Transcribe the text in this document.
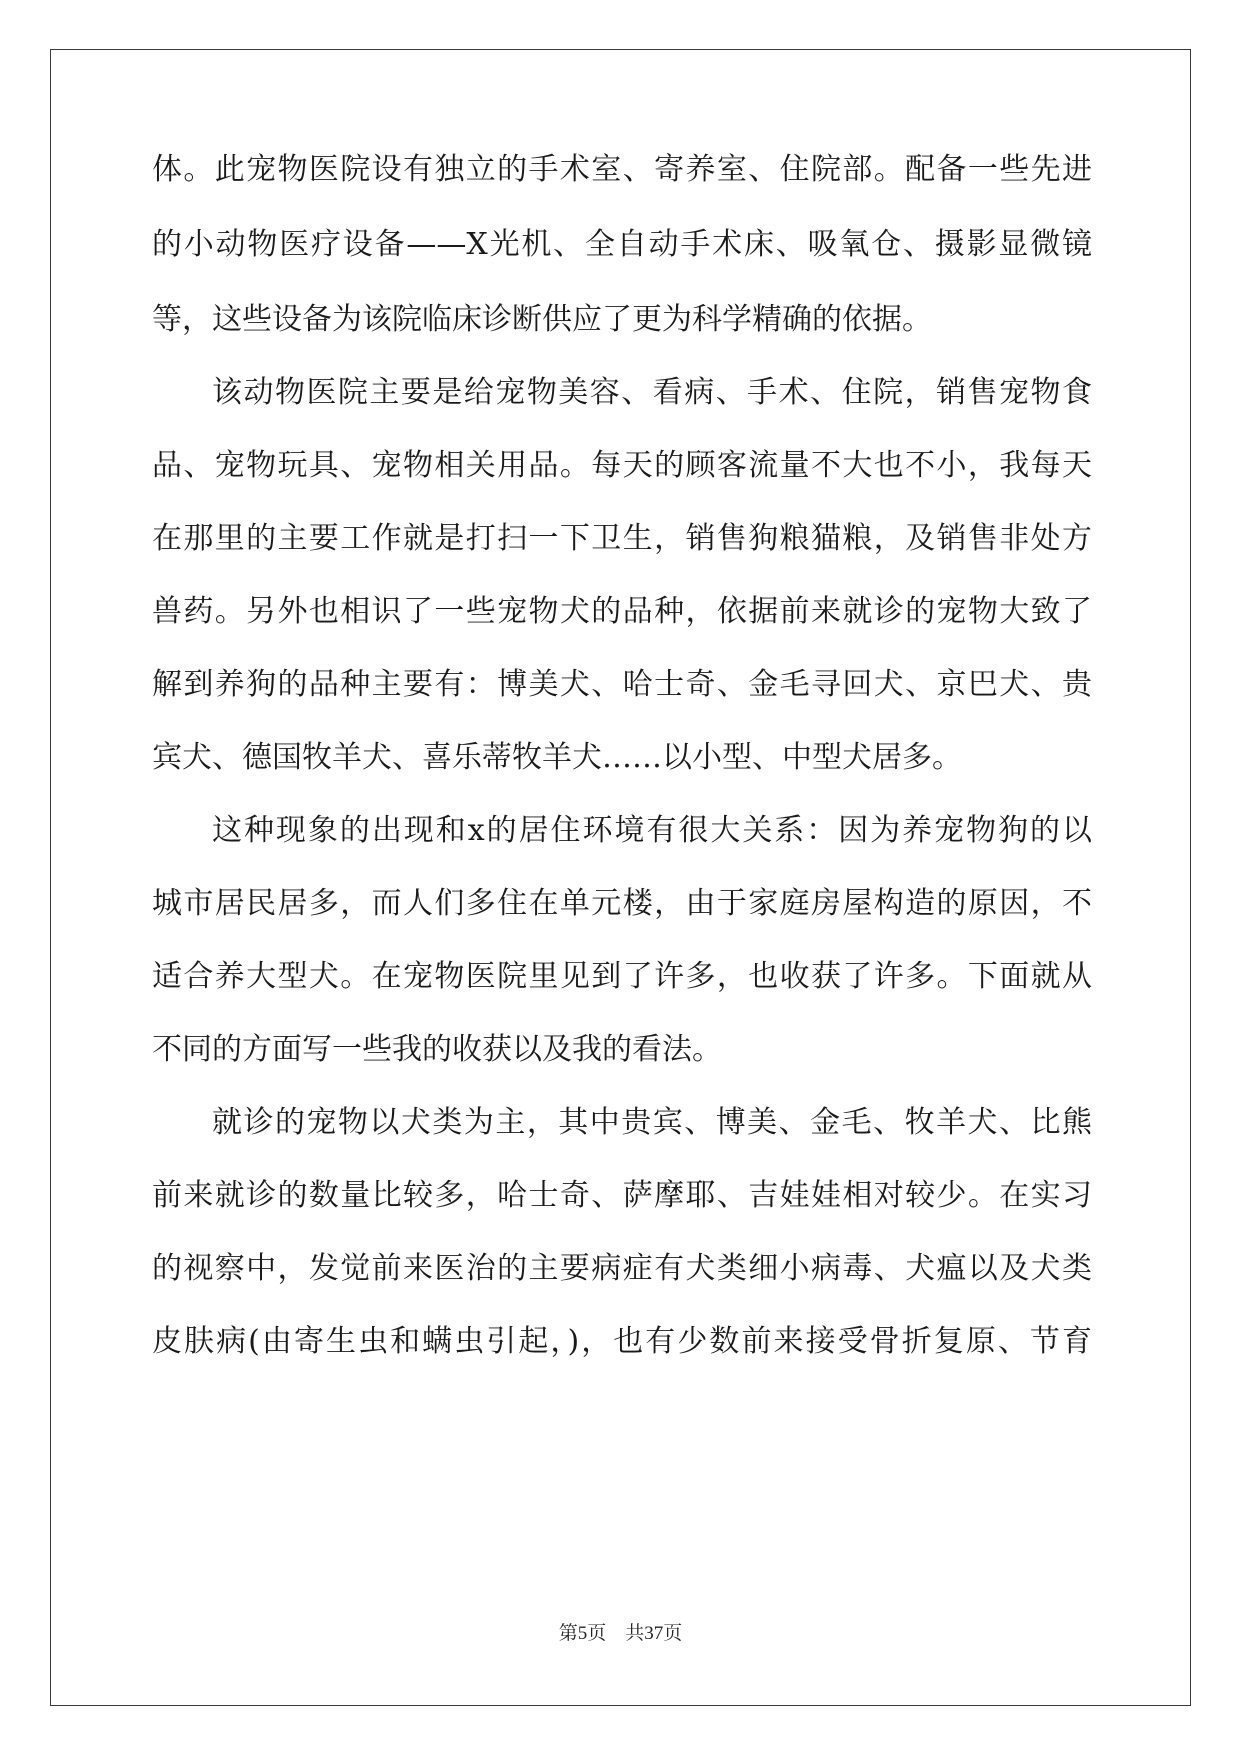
体。此宠物医院设有独立的手术室、寄养室、住院部。配备一些先进
的小动物医疗设备——X光机、全自动手术床、吸氧仓、摄影显微镜
等，这些设备为该院临床诊断供应了更为科学精确的依据。
该动物医院主要是给宠物美容、看病、手术、住院，销售宠物食
品、宠物玩具、宠物相关用品。每天的顾客流量不大也不小，我每天
在那里的主要工作就是打扫一下卫生，销售狗粮猫粮，及销售非处方
兽药。另外也相识了一些宠物犬的品种，依据前来就诊的宠物大致了
解到养狗的品种主要有：博美犬、哈士奇、金毛寻回犬、京巴犬、贵
宾犬、德国牧羊犬、喜乐蒂牧羊犬……以小型、中型犬居多。
这种现象的出现和x的居住环境有很大关系：因为养宠物狗的以
城市居民居多，而人们多住在单元楼，由于家庭房屋构造的原因，不
适合养大型犬。在宠物医院里见到了许多，也收获了许多。下面就从
不同的方面写一些我的收获以及我的看法。
就诊的宠物以犬类为主，其中贵宾、博美、金毛、牧羊犬、比熊
前来就诊的数量比较多，哈士奇、萨摩耶、吉娃娃相对较少。在实习
的视察中，发觉前来医治的主要病症有犬类细小病毒、犬瘟以及犬类
皮肤病(由寄生虫和螨虫引起，)，也有少数前来接受骨折复原、节育
第5页    共37页
